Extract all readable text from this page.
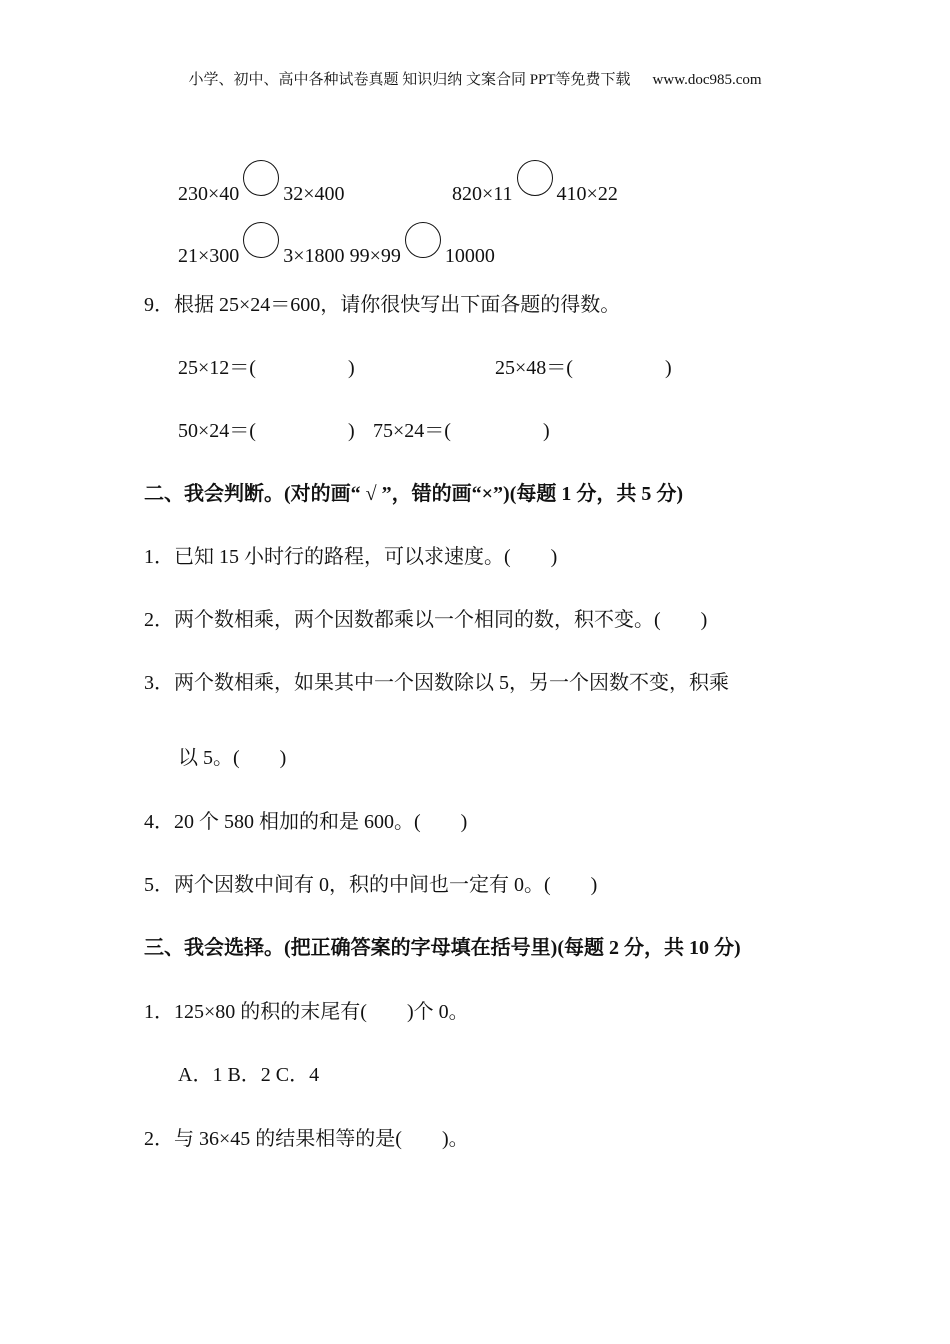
小学、初中、高中各种试卷真题 知识归纳 文案合同 PPT等免费下载 www.doc985.com
230×40 32×400	820×11 410×22
21×300 3×1800 99×99 10000
9．根据 25×24＝600，请你很快写出下面各题的得数。
25×12＝(	)	25×48＝(	)
50×24＝(	) 75×24＝(	)
二、我会判断。(对的画“ √ ”，错的画“×”)(每题 1 分，共 5 分)
1．已知 15 小时行的路程，可以求速度。(　　)
2．两个数相乘，两个因数都乘以一个相同的数，积不变。(　　)
3．两个数相乘，如果其中一个因数除以 5，另一个因数不变，积乘
以 5。(　　)
4．20 个 580 相加的和是 600。(　　)
5．两个因数中间有 0，积的中间也一定有 0。(　　)
三、我会选择。(把正确答案的字母填在括号里)(每题 2 分，共 10 分)
1．125×80 的积的末尾有(　　)个 0。
A．1 B．2 C．4
2．与 36×45 的结果相等的是(　　)。
